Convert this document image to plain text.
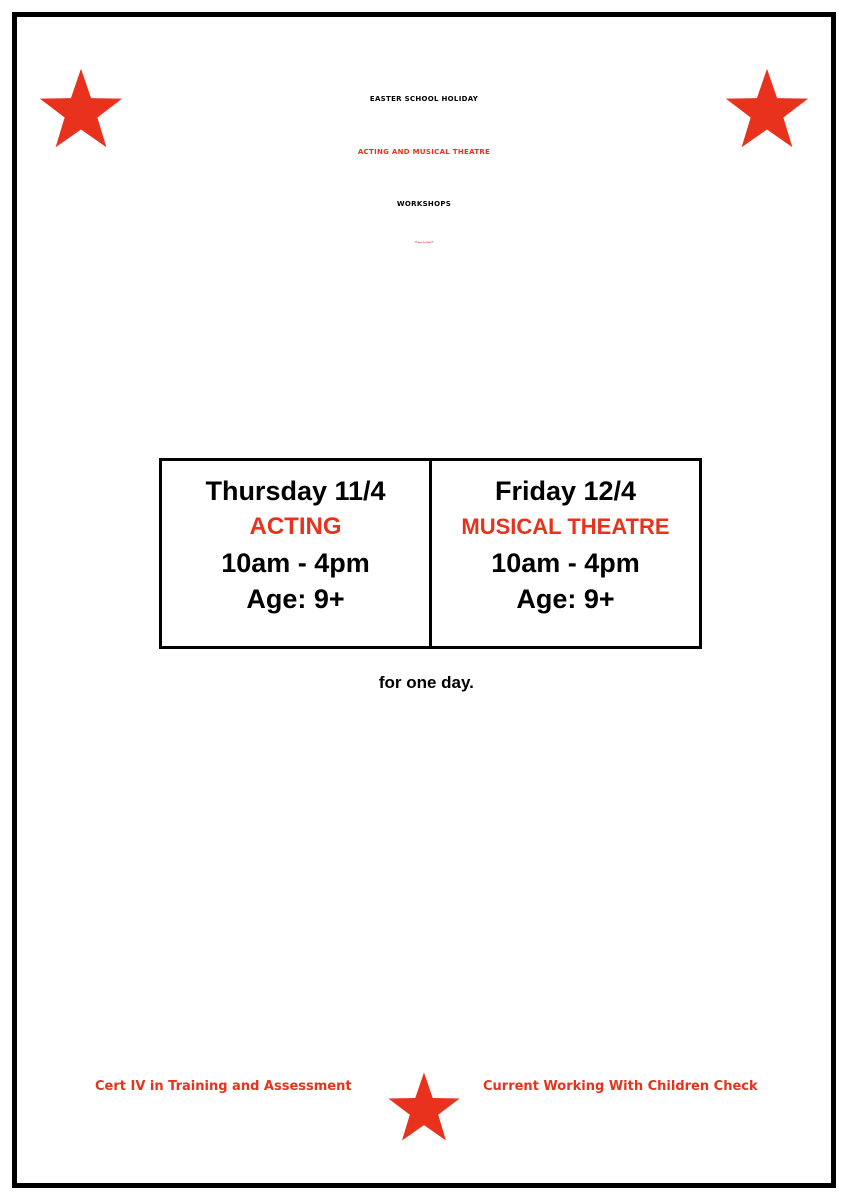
EASTER SCHOOL HOLIDAY
ACTING AND MUSICAL THEATRE
WORKSHOPS
*** Back for 2024 ***
Thursday 11/4
ACTING
10am - 4pm
Age: 9+
Friday 12/4
MUSICAL THEATRE
10am - 4pm
Age: 9+
for one day.
Cert IV in Training and Assessment	Current Working With Children Check
